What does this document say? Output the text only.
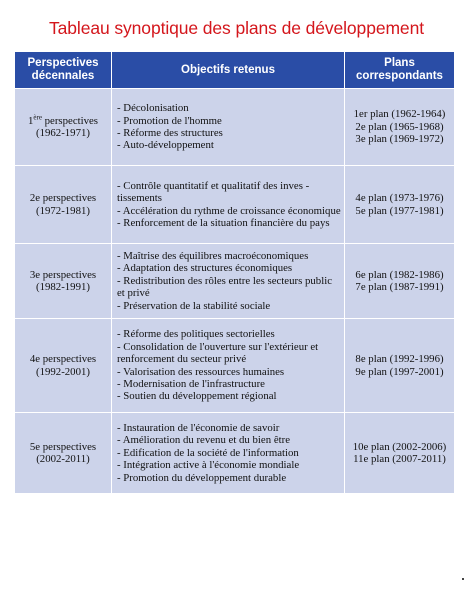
Tableau synoptique des plans de développement
Perspectives décennales	Objectifs retenus	Plans correspondants

1ère perspectives
(1962-1971)	- Décolonisation
- Promotion de l'homme
- Réforme des structures
- Auto-développement	1er plan (1962-1964)
2e plan (1965-1968)
3e plan (1969-1972)

2e perspectives
(1972-1981)	- Contrôle quantitatif et qualitatif des inves - tissements
- Accélération du rythme de croissance économique
- Renforcement de la situation financière du pays	4e plan (1973-1976)
5e plan (1977-1981)

3e perspectives
(1982-1991)	- Maîtrise des équilibres macroéconomiques
- Adaptation des structures économiques
- Redistribution des rôles entre les secteurs public et privé
- Préservation de la stabilité sociale	6e plan (1982-1986)
7e plan (1987-1991)

4e perspectives
(1992-2001)	- Réforme des politiques sectorielles
- Consolidation de l'ouverture sur l'extérieur et renforcement du secteur privé
- Valorisation des ressources humaines
- Modernisation de l'infrastructure
- Soutien du développement régional	8e plan (1992-1996)
9e plan (1997-2001)

5e perspectives
(2002-2011)	- Instauration de l'économie de savoir
- Amélioration du revenu et du bien être
- Edification de la société de l'information
- Intégration active à l'économie mondiale
- Promotion du développement durable	10e plan (2002-2006)
11e plan (2007-2011)
